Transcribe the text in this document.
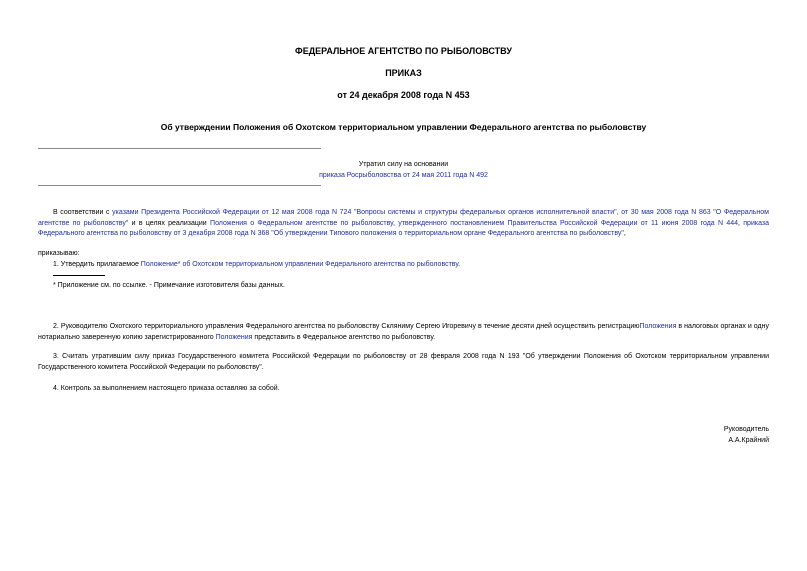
ФЕДЕРАЛЬНОЕ АГЕНТСТВО ПО РЫБОЛОВСТВУ
ПРИКАЗ
от 24 декабря 2008 года N 453
Об утверждении Положения об Охотском территориальном управлении Федерального агентства по рыболовству
Утратил силу на основании
приказа Росрыболовства от 24 мая 2011 года N 492
В соответствии с указами Президента Российской Федерации от 12 мая 2008 года N 724 "Вопросы системы и структуры федеральных органов исполнительной власти", от 30 мая 2008 года N 863 "О Федеральном агентстве по рыболовству" и в целях реализации Положения о Федеральном агентстве по рыболовству, утвержденного постановлением Правительства Российской Федерации от 11 июня 2008 года N 444, приказа Федерального агентства по рыболовству от 3 декабря 2008 года N 368 "Об утверждении Типового положения о территориальном органе Федерального агентства по рыболовству",
приказываю:
1. Утвердить прилагаемое Положение* об Охотском территориальном управлении Федерального агентства по рыболовству.
* Приложение см. по ссылке. - Примечание изготовителя базы данных.
2. Руководителю Охотского территориального управления Федерального агентства по рыболовству Скляниму Сергею Игоревичу в течение десяти дней осуществить регистрациюПоложения в налоговых органах и одну нотариально заверенную копию зарегистрированного Положения представить в Федеральное агентство по рыболовству.
3. Считать утратившим силу приказ Государственного комитета Российской Федерации по рыболовству от 28 февраля 2008 года N 193 "Об утверждении Положения об Охотском территориальном управлении Государственного комитета Российской Федерации по рыболовству".
4. Контроль за выполнением настоящего приказа оставляю за собой.
Руководитель
А.А.Крайний
